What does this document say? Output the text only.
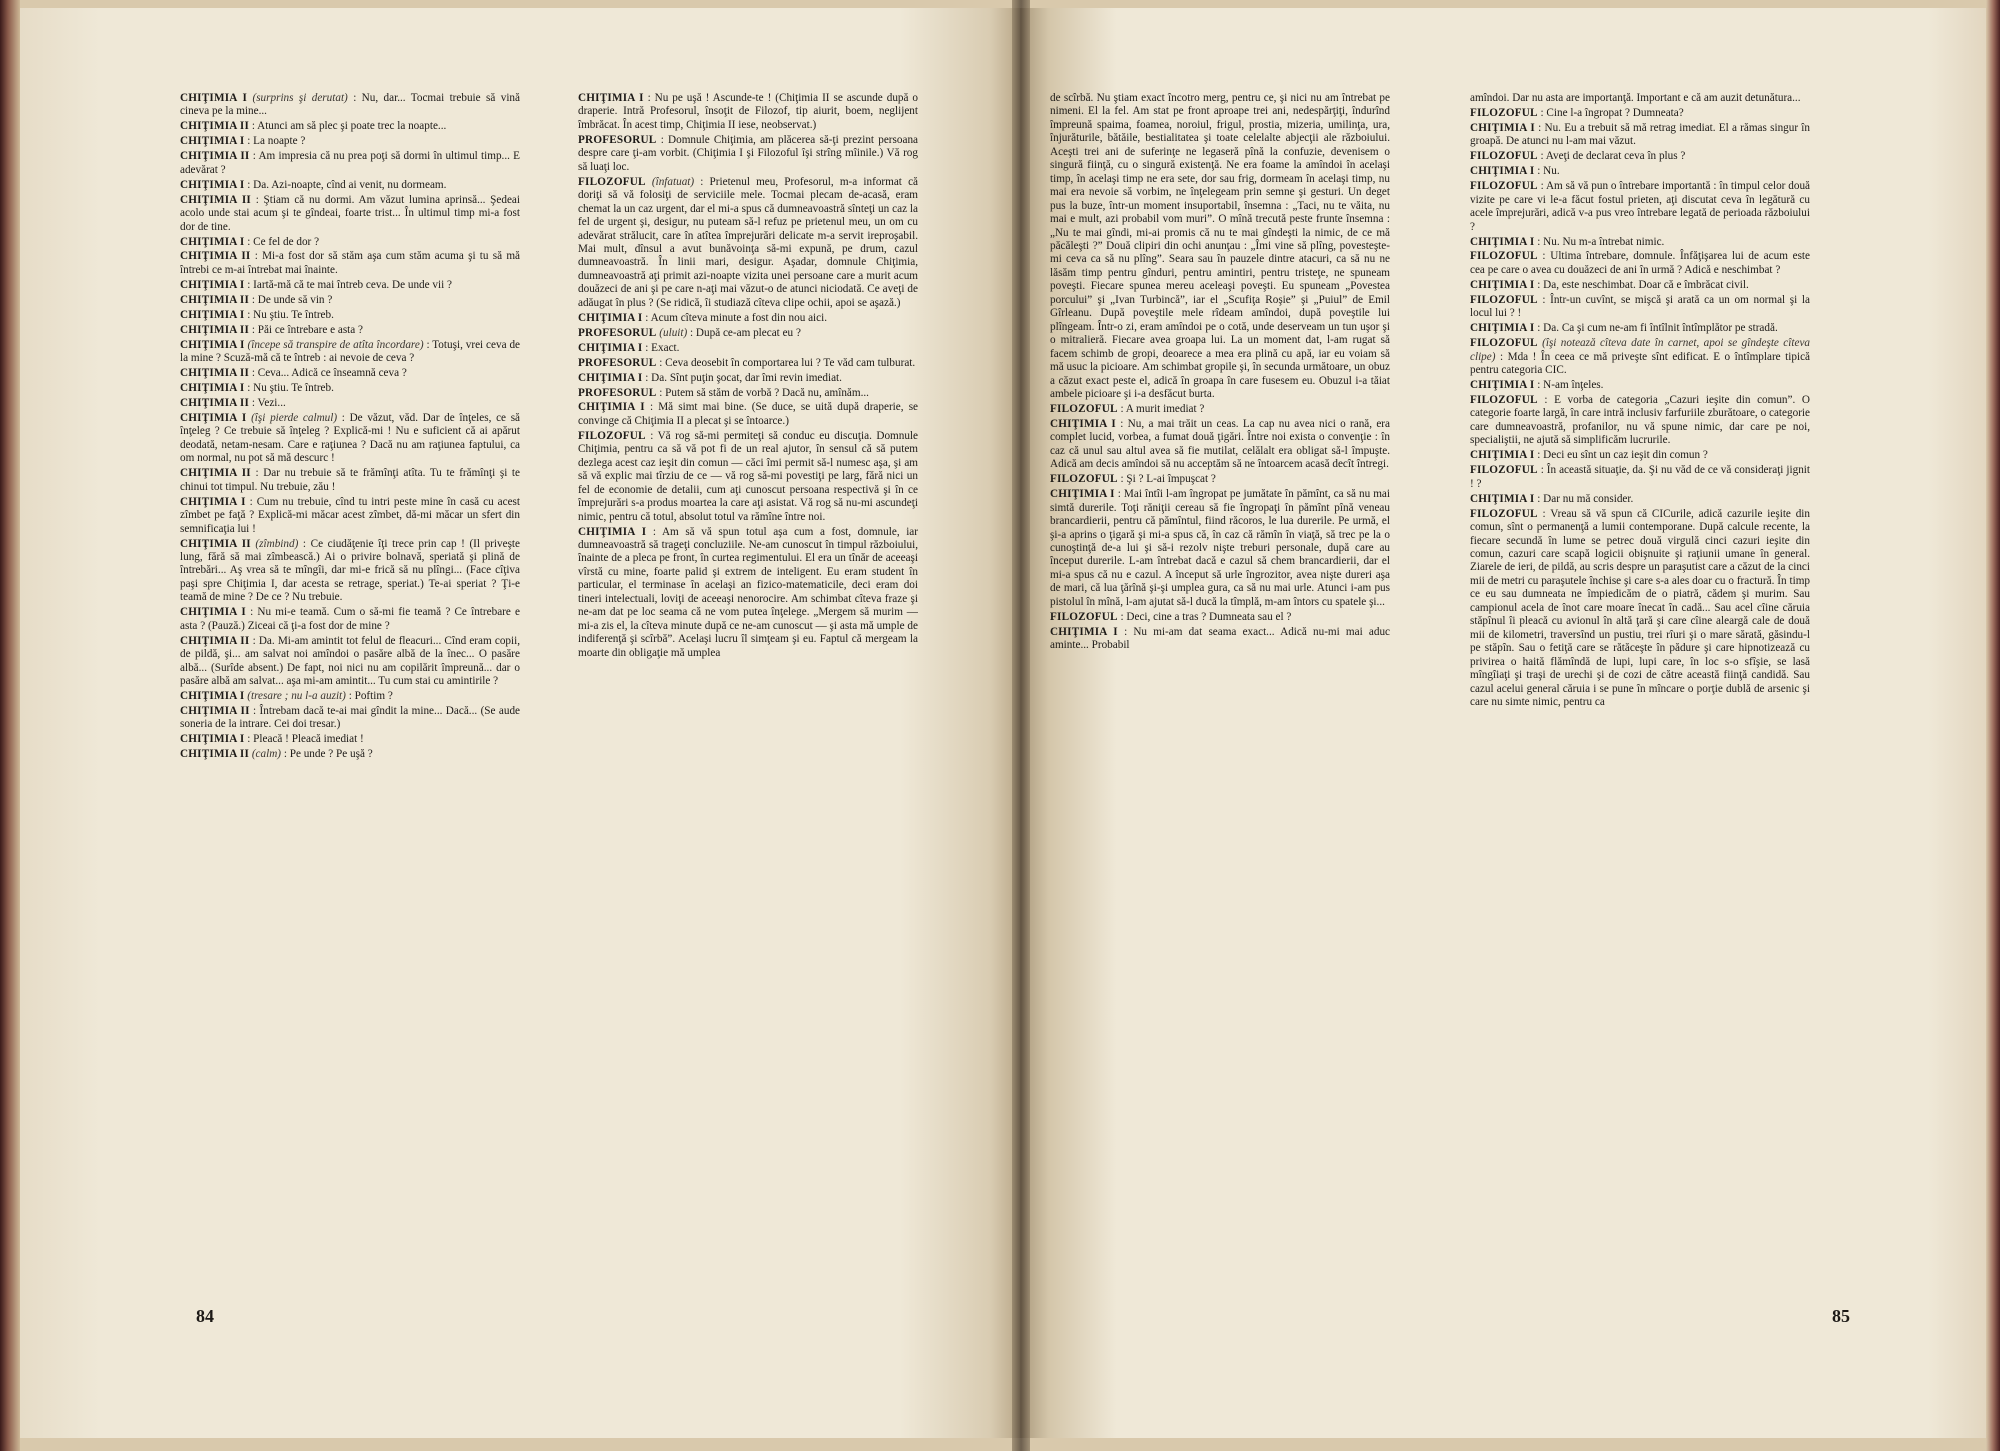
CHIŢIMIA I (surprins şi derutat) : Nu, dar... Tocmai trebuie să vină cineva pe la mine...

CHIŢIMIA II : Atunci am să plec şi poate trec la noapte...

CHIŢIMIA I : La noapte ?

CHIŢIMIA II : Am impresia că nu prea poţi să dormi în ultimul timp... E adevărat ?

CHIŢIMIA I : Da. Azi-noapte, cînd ai venit, nu dormeam.

CHIŢIMIA II : Ştiam că nu dormi. Am văzut lumina aprinsă... Şedeai acolo unde stai acum şi te gîndeai, foarte trist... În ultimul timp mi-a fost dor de tine.

CHIŢIMIA I : Ce fel de dor ?

CHIŢIMIA II : Mi-a fost dor să stăm aşa cum stăm acuma şi tu să mă întrebi ce m-ai întrebat mai înainte.

CHIŢIMIA I : Iartă-mă că te mai întreb ceva. De unde vii ?

CHIŢIMIA II : De unde să vin ?

CHIŢIMIA I : Nu ştiu. Te întreb.

CHIŢIMIA II : Păi ce întrebare e asta ?

CHIŢIMIA I (începe să transpire de atîta încordare) : Totuşi, vrei ceva de la mine ? Scuză-mă că te întreb : ai nevoie de ceva ?

CHIŢIMIA II : Ceva... Adică ce înseamnă ceva ?

CHIŢIMIA I : Nu ştiu. Te întreb.

CHIŢIMIA II : Vezi...

CHIŢIMIA I (îşi pierde calmul) : De văzut, văd. Dar de înţeles, ce să înţeleg ? Ce trebuie să înţeleg ? Explică-mi ! Nu e suficient că ai apărut deodată, netam-nesam. Care e raţiunea ? Dacă nu am raţiunea faptului, ca om normal, nu pot să mă descurc !

CHIŢIMIA II : Dar nu trebuie să te frămînţi atîta. Tu te frămînţi şi te chinui tot timpul. Nu trebuie, zău !

CHIŢIMIA I : Cum nu trebuie, cînd tu intri peste mine în casă cu acest zîmbet pe faţă ? Explică-mi măcar acest zîmbet, dă-mi măcar un sfert din semnificaţia lui !

CHIŢIMIA II (zîmbind) : Ce ciudăţenie îţi trece prin cap ! (Il priveşte lung, fără să mai zîmbească.) Ai o privire bolnavă, speriată şi plină de întrebări... Aş vrea să te mîngîi, dar mi-e frică să nu plîngi... (Face cîţiva paşi spre Chiţimia I, dar acesta se retrage, speriat.) Te-ai speriat ? Ţi-e teamă de mine ? De ce ? Nu trebuie.

CHIŢIMIA I : Nu mi-e teamă. Cum o să-mi fie teamă ? Ce întrebare e asta ? (Pauză.) Ziceai că ţi-a fost dor de mine ?

CHIŢIMIA II : Da. Mi-am amintit tot felul de fleacuri... Cînd eram copii, de pildă, şi... am salvat noi amîndoi o pasăre albă de la înec... O pasăre albă... (Surîde absent.) De fapt, noi nici nu am copilărit împreună... dar o pasăre albă am salvat... aşa mi-am amintit... Tu cum stai cu amintirile ?

CHIŢIMIA I (tresare ; nu l-a auzit) : Poftim ?

CHIŢIMIA II : Întrebam dacă te-ai mai gîndit la mine... Dacă... (Se aude soneria de la intrare. Cei doi tresar.)

CHIŢIMIA I : Pleacă ! Pleacă imediat !

CHIŢIMIA II (calm) : Pe unde ? Pe uşă ?

CHIŢIMIA I : Nu pe uşă ! Ascunde-te ! (Chiţimia II se ascunde după o draperie. Intră Profesorul, însoţit de Filozof, tip aiurit, boem, neglijent îmbrăcat. În acest timp, Chiţimia II iese, neobservat.)

PROFESORUL : Domnule Chiţimia, am plăcerea să-ţi prezint persoana despre care ţi-am vorbit. (Chiţimia I şi Filozoful îşi strîng mîinile.) Vă rog să luaţi loc.

FILOZOFUL (înfatuat) : Prietenul meu, Profesorul, m-a informat că doriţi să vă folosiţi de serviciile mele. Tocmai plecam de-acasă, eram chemat la un caz urgent, dar el mi-a spus că dumneavoastră sînteţi un caz la fel de urgent şi, desigur, nu puteam să-l refuz pe prietenul meu, un om cu adevărat strălucit, care în atîtea împrejurări delicate m-a servit ireproşabil. Mai mult, dînsul a avut bunăvoinţa să-mi expună, pe drum, cazul dumneavoastră. În linii mari, desigur. Aşadar, domnule Chiţimia, dumneavoastră aţi primit azi-noapte vizita unei persoane care a murit acum douăzeci de ani şi pe care n-aţi mai văzut-o de atunci niciodată. Ce aveţi de adăugat în plus ? (Se ridică, îi studiază cîteva clipe ochii, apoi se aşază.)

CHIŢIMIA I : Acum cîteva minute a fost din nou aici.

PROFESORUL (uluit) : După ce-am plecat eu ?

CHIŢIMIA I : Exact.

PROFESORUL : Ceva deosebit în comportarea lui ? Te văd cam tulburat.

CHIŢIMIA I : Da. Sînt puţin şocat, dar îmi revin imediat.

PROFESORUL : Putem să stăm de vorbă ? Dacă nu, amînăm...

CHIŢIMIA I : Mă simt mai bine. (Se duce, se uită după draperie, se convinge că Chiţimia II a plecat şi se întoarce.)

FILOZOFUL : Vă rog să-mi permiteţi să conduc eu discuţia. Domnule Chiţimia, pentru ca să vă pot fi de un real ajutor, în sensul că să putem dezlega acest caz ieşit din comun — căci îmi permit să-l numesc aşa, şi am să vă explic mai tîrziu de ce — vă rog să-mi povestiţi pe larg, fără nici un fel de economie de detalii, cum aţi cunoscut persoana respectivă şi în ce împrejurări s-a produs moartea la care aţi asistat. Vă rog să nu-mi ascundeţi nimic, pentru că totul, absolut totul va rămîne între noi.

CHIŢIMIA I : Am să vă spun totul aşa cum a fost, domnule, iar dumneavoastră să trageţi concluziile. Ne-am cunoscut în timpul războiului, înainte de a pleca pe front, în curtea regimentului. El era un tînăr de aceeaşi vîrstă cu mine, foarte palid şi extrem de inteligent. Eu eram student în particular, el terminase în acelaşi an fizico-matematicile, deci eram doi tineri intelectuali, loviţi de aceeaşi nenorocire. Am schimbat cîteva fraze şi ne-am dat pe loc seama că ne vom putea înţelege. „Mergem să murim — mi-a zis el, la cîteva minute după ce ne-am cunoscut — şi asta mă umple de indiferenţă şi scîrbă”. Acelaşi lucru îl simţeam şi eu. Faptul că mergeam la moarte din obligaţie mă umplea

de scîrbă. Nu ştiam exact încotro merg, pentru ce, şi nici nu am întrebat pe nimeni. El la fel. Am stat pe front aproape trei ani, nedespărţiţi, îndurînd împreună spaima, foamea, noroiul, frigul, prostia, mizeria, umilinţa, ura, înjurăturile, bătăile, bestialitatea şi toate celelalte abjecţii ale războiului. Aceşti trei ani de suferinţe ne legaseră pînă la confuzie, devenisem o singură fiinţă, cu o singură existenţă. Ne era foame la amîndoi în acelaşi timp, în acelaşi timp ne era sete, dor sau frig, dormeam în acelaşi timp, nu mai era nevoie să vorbim, ne înţelegeam prin semne şi gesturi. Un deget pus la buze, într-un moment insuportabil, însemna : „Taci, nu te văita, nu mai e mult, azi probabil vom muri”. O mînă trecută peste frunte însemna : „Nu te mai gîndi, mi-ai promis că nu te mai gîndeşti la nimic, de ce mă păcăleşti ?” Două clipiri din ochi anunţau : „Îmi vine să plîng, povesteşte-mi ceva ca să nu plîng”. Seara sau în pauzele dintre atacuri, ca să nu ne lăsăm timp pentru gînduri, pentru amintiri, pentru tristeţe, ne spuneam poveşti. Fiecare spunea mereu aceleaşi poveşti. Eu spuneam „Povestea porcului” şi „Ivan Turbincă”, iar el „Scufiţa Roşie” şi „Puiul” de Emil Gîrleanu. După poveştile mele rîdeam amîndoi, după poveştile lui plîngeam. Într-o zi, eram amîndoi pe o cotă, unde deserveam un tun uşor şi o mitralieră. Fiecare avea groapa lui. La un moment dat, l-am rugat să facem schimb de gropi, deoarece a mea era plină cu apă, iar eu voiam să mă usuc la picioare. Am schimbat gropile şi, în secunda următoare, un obuz a căzut exact peste el, adică în groapa în care fusesem eu. Obuzul i-a tăiat ambele picioare şi i-a desfăcut burta.

FILOZOFUL : A murit imediat ?

CHIŢIMIA I : Nu, a mai trăit un ceas. La cap nu avea nici o rană, era complet lucid, vorbea, a fumat două ţigări. Între noi exista o convenţie : în caz că unul sau altul avea să fie mutilat, celălalt era obligat să-l împuşte. Adică am decis amîndoi să nu acceptăm să ne întoarcem acasă decît întregi.

FILOZOFUL : Şi ? L-ai împuşcat ?

CHIŢIMIA I : Mai întîi l-am îngropat pe jumătate în pămînt, ca să nu mai simtă durerile. Toţi răniţii cereau să fie îngropaţi în pămînt pînă veneau brancardierii, pentru că pămîntul, fiind răcoros, le lua durerile. Pe urmă, el şi-a aprins o ţigară şi mi-a spus că, în caz că rămîn în viaţă, să trec pe la o cunoştinţă de-a lui şi să-i rezolv nişte treburi personale, după care au început durerile. L-am întrebat dacă e cazul să chem brancardierii, dar el mi-a spus că nu e cazul. A început să urle îngrozitor, avea nişte dureri aşa de mari, că lua ţărînă şi-şi umplea gura, ca să nu mai urle. Atunci i-am pus pistolul în mînă, l-am ajutat să-l ducă la tîmplă, m-am întors cu spatele şi...

FILOZOFUL : Deci, cine a tras ? Dumneata sau el ?

CHIŢIMIA I : Nu mi-am dat seama exact... Adică nu-mi mai aduc aminte... Probabil

amîndoi. Dar nu asta are importanţă. Important e că am auzit detunătura...

FILOZOFUL : Cine l-a îngropat ? Dumneata?

CHIŢIMIA I : Nu. Eu a trebuit să mă retrag imediat. El a rămas singur în groapă. De atunci nu l-am mai văzut.

FILOZOFUL : Aveţi de declarat ceva în plus ?

CHIŢIMIA I : Nu.

FILOZOFUL : Am să vă pun o întrebare importantă : în timpul celor două vizite pe care vi le-a făcut fostul prieten, aţi discutat ceva în legătură cu acele împrejurări, adică v-a pus vreo întrebare legată de perioada războiului ?

CHIŢIMIA I : Nu. Nu m-a întrebat nimic.

FILOZOFUL : Ultima întrebare, domnule. Înfăţişarea lui de acum este cea pe care o avea cu douăzeci de ani în urmă ? Adică e neschimbat ?

CHIŢIMIA I : Da, este neschimbat. Doar că e îmbrăcat civil.

FILOZOFUL : Într-un cuvînt, se mişcă şi arată ca un om normal şi la locul lui ? !

CHIŢIMIA I : Da. Ca şi cum ne-am fi întîlnit întîmplător pe stradă.

FILOZOFUL (îşi notează cîteva date în carnet, apoi se gîndeşte cîteva clipe) : Mda ! În ceea ce mă priveşte sînt edificat. E o întîmplare tipică pentru categoria CIC.

CHIŢIMIA I : N-am înţeles.

FILOZOFUL : E vorba de categoria „Cazuri ieşite din comun”. O categorie foarte largă, în care intră inclusiv farfuriile zburătoare, o categorie care dumneavoastră, profanilor, nu vă spune nimic, dar care pe noi, specialiştii, ne ajută să simplificăm lucrurile.

CHIŢIMIA I : Deci eu sînt un caz ieşit din comun ?

FILOZOFUL : În această situaţie, da. Şi nu văd de ce vă consideraţi jignit ! ?

CHIŢIMIA I : Dar nu mă consider.

FILOZOFUL : Vreau să vă spun că CICurile, adică cazurile ieşite din comun, sînt o permanenţă a lumii contemporane. După calcule recente, la fiecare secundă în lume se petrec două virgulă cinci cazuri ieşite din comun, cazuri care scapă logicii obişnuite şi raţiunii umane în general. Ziarele de ieri, de pildă, au scris despre un paraşutist care a căzut de la cinci mii de metri cu paraşutele închise şi care s-a ales doar cu o fractură. În timp ce eu sau dumneata ne împiedicăm de o piatră, cădem şi murim. Sau campionul acela de înot care moare înecat în cadă... Sau acel cîine căruia stăpînul îi pleacă cu avionul în altă ţară şi care cîine aleargă cale de două mii de kilometri, traversînd un pustiu, trei rîuri şi o mare sărată, găsindu-l pe stăpîn. Sau o fetiţă care se rătăceşte în pădure şi care hipnotizează cu privirea o haită flămîndă de lupi, lupi care, în loc s-o sfîşie, se lasă mîngîiaţi şi traşi de urechi şi de cozi de către această fiinţă candidă. Sau cazul acelui general căruia i se pune în mîncare o porţie dublă de arsenic şi care nu simte nimic, pentru ca

84	85
